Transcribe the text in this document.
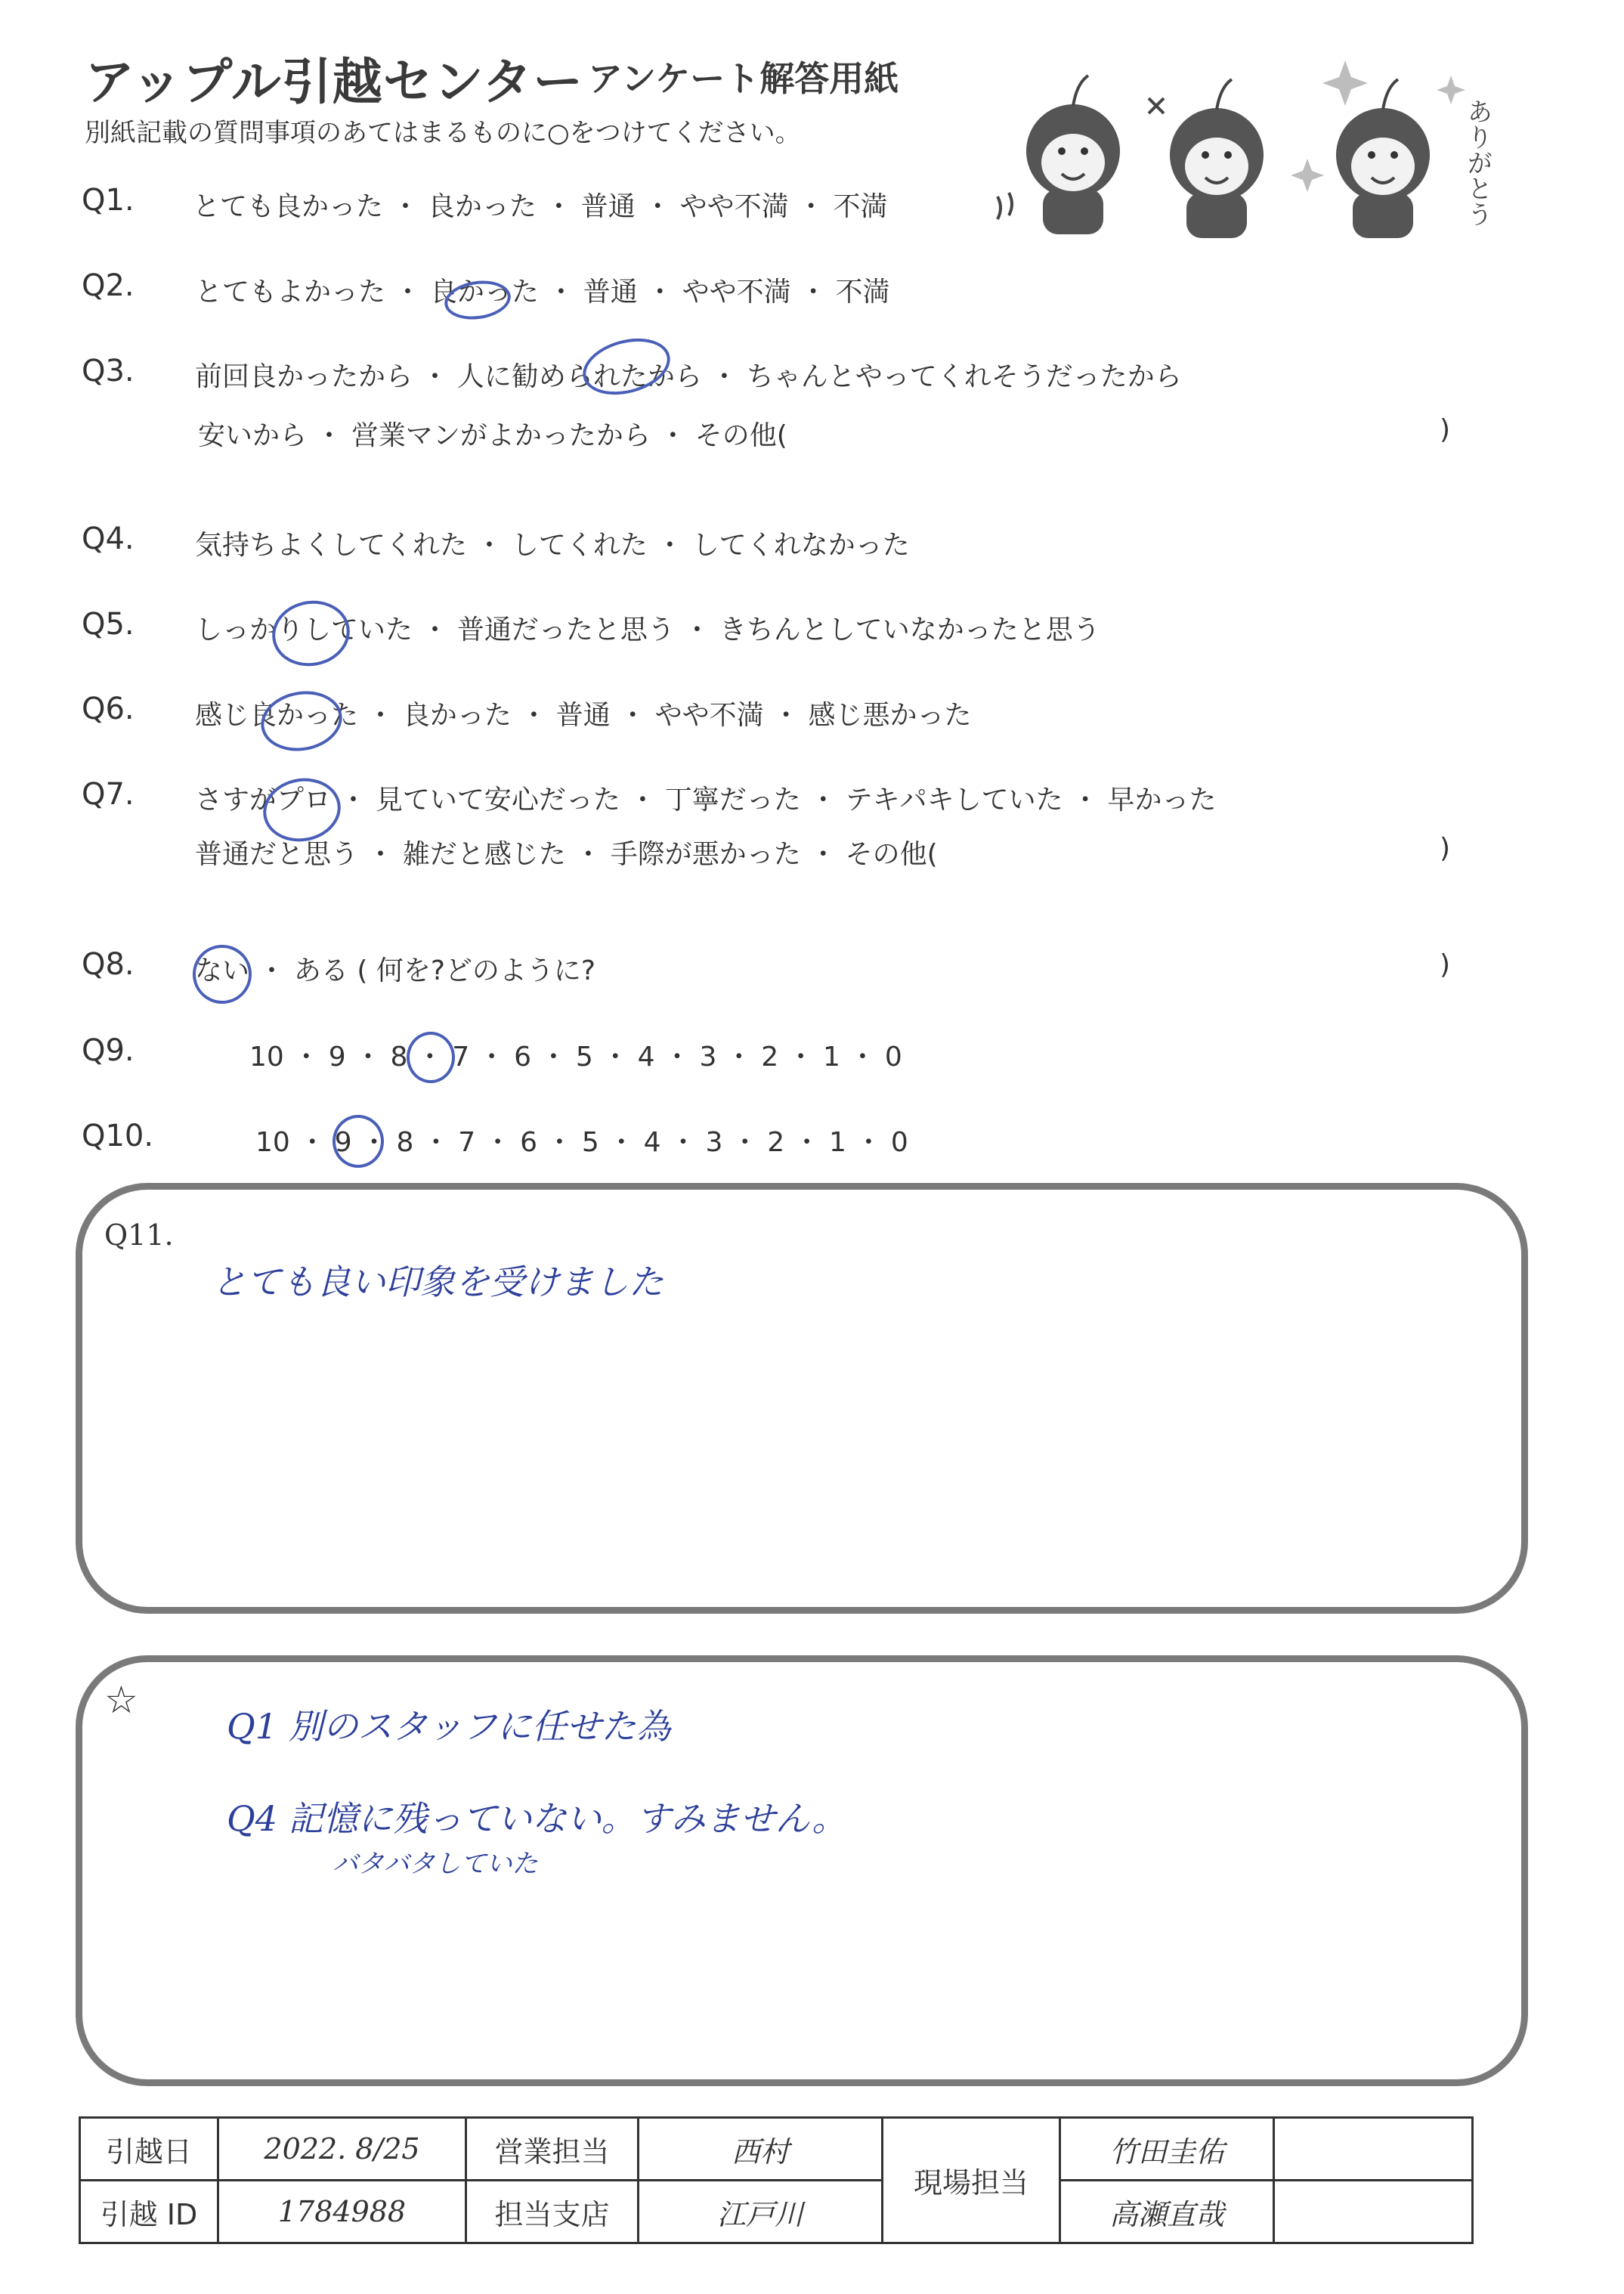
アップル引越センター アンケート解答用紙
別紙記載の質問事項のあてはまるものに○をつけてください。	ありがとう
Q1. とても良かった ・ 良かった ・ 普通 ・ やや不満 ・ 不満
Q2. とてもよかった ・ 良かった ・ 普通 ・ やや不満 ・ 不満
Q3. 前回良かったから ・ 人に勧められたから ・ ちゃんとやってくれそうだったから
安いから ・ 営業マンがよかったから ・ その他(	)
Q4. 気持ちよくしてくれた ・ してくれた ・ してくれなかった
Q5. しっかりしていた ・ 普通だったと思う ・ きちんとしていなかったと思う
Q6. 感じ良かった ・ 良かった ・ 普通 ・ やや不満 ・ 感じ悪かった
Q7. さすがプロ ・ 見ていて安心だった ・ 丁寧だった ・ テキパキしていた ・ 早かった
普通だと思う ・ 雑だと感じた ・ 手際が悪かった ・ その他(	)
Q8. ない ・ ある ( 何を?どのように?	)
Q9.	10 ・ 9 ・ 8 ・ 7 ・ 6 ・ 5 ・ 4 ・ 3 ・ 2 ・ 1 ・ 0
Q10.	10 ・ 9 ・ 8 ・ 7 ・ 6 ・ 5 ・ 4 ・ 3 ・ 2 ・ 1 ・ 0
Q11.
とても良い印象を受けました
☆
Q1 別のスタッフに任せた為
Q4 記憶に残っていない。すみません。
バタバタしていた
引越日	2022. 8/25	営業担当	西村	現場担当	竹田圭佑	
引越 ID	1784988	担当支店	江戸川		高瀬直哉	
